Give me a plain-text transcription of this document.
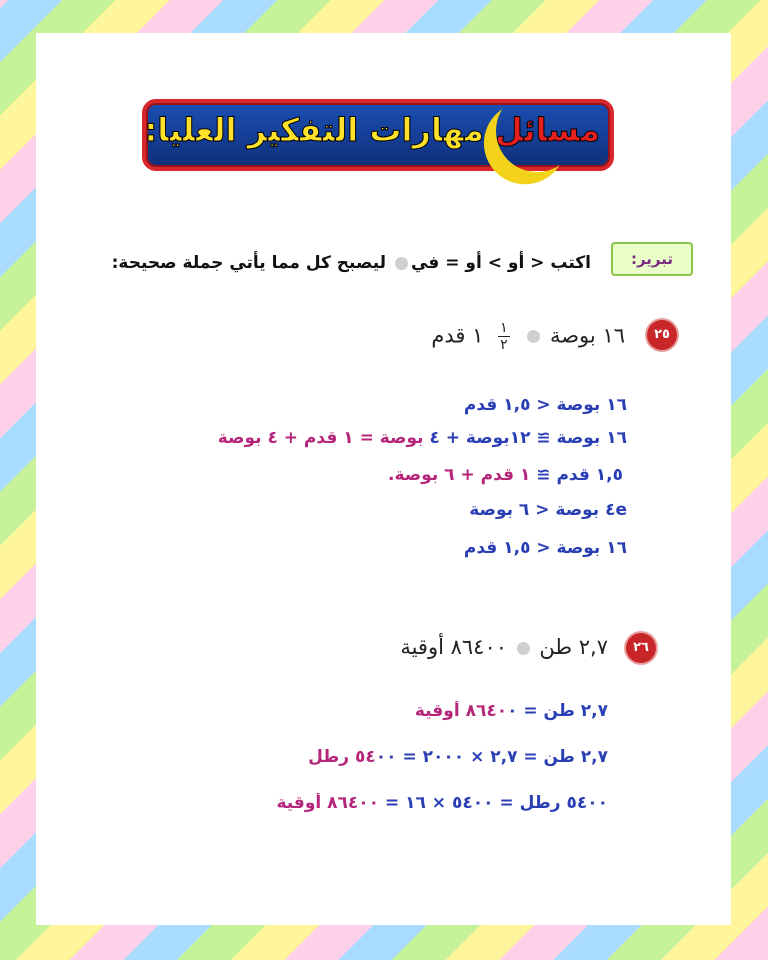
مسائل مهارات التفكير العليا:
تبرير:
اكتب < أو > أو = في ليصبح كل مما يأتي جملة صحيحة:
٢٥
١٦ بوصة
$\frac{١}{٢}$
١ قدم
١٦ بوصة < ١,٥ قدم
١٦ بوصة ≅ ١٢بوصة + ٤ بوصة = ١ قدم + ٤ بوصة
١,٥ قدم ≅ ١ قدم + ٦ بوصة.
٤e بوصة < ٦ بوصة
١٦ بوصة < ١,٥ قدم
٢٦
٢,٧ طن  ٨٦٤٠٠ أوقية
٢,٧ طن = ٨٦٤٠٠ أوقية
٢,٧ طن = ٢,٧ × ٢٠٠٠ = ٥٤٠٠ رطل
٥٤٠٠ رطل = ٥٤٠٠ × ١٦ = ٨٦٤٠٠ أوقية
